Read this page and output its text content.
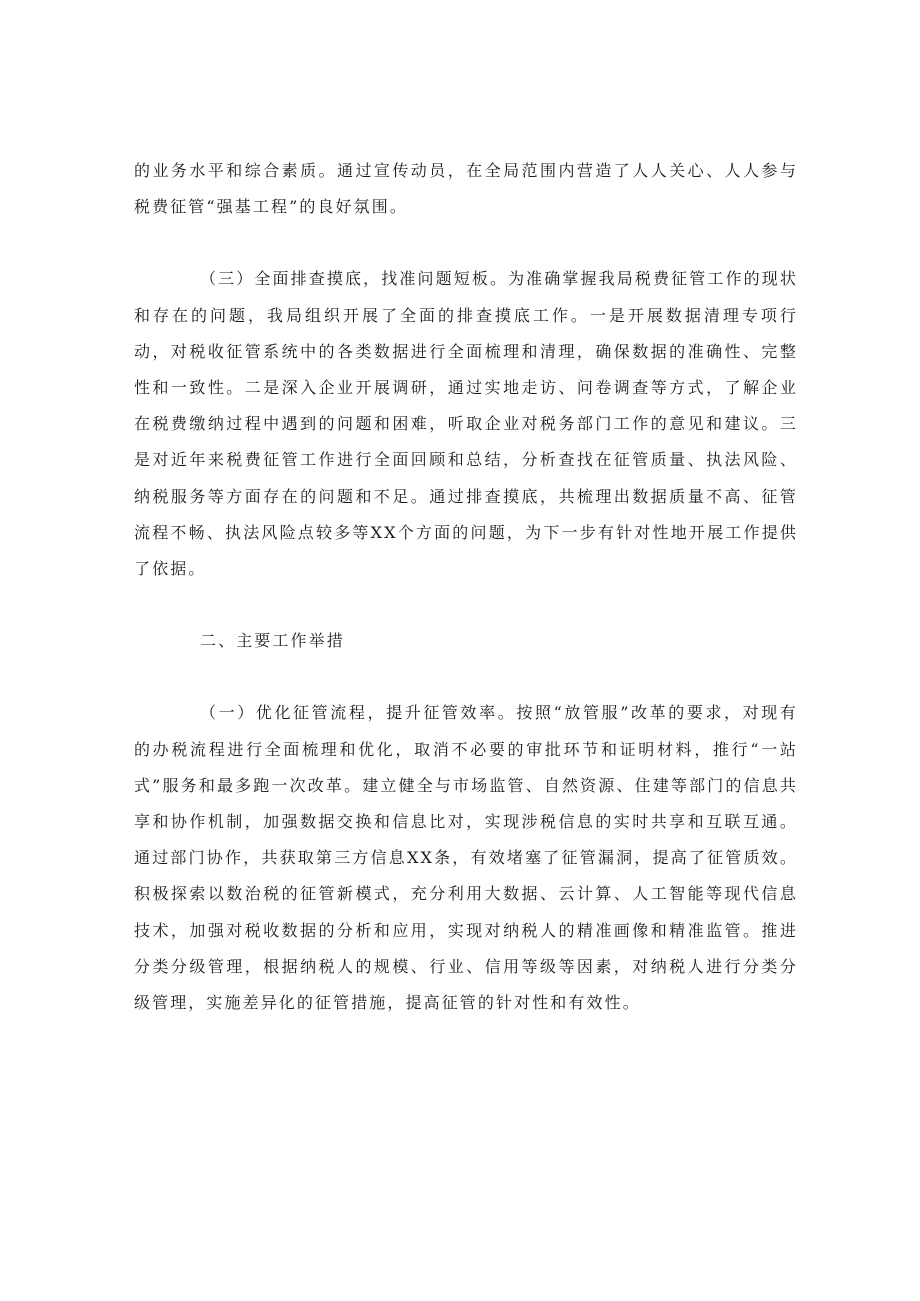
的业务水平和综合素质。通过宣传动员，在全局范围内营造了人人关心、人人参与税费征管“强基工程”的良好氛围。

（三）全面排查摸底，找准问题短板。为准确掌握我局税费征管工作的现状和存在的问题，我局组织开展了全面的排查摸底工作。一是开展数据清理专项行动，对税收征管系统中的各类数据进行全面梳理和清理，确保数据的准确性、完整性和一致性。二是深入企业开展调研，通过实地走访、问卷调查等方式，了解企业在税费缴纳过程中遇到的问题和困难，听取企业对税务部门工作的意见和建议。三是对近年来税费征管工作进行全面回顾和总结，分析查找在征管质量、执法风险、纳税服务等方面存在的问题和不足。通过排查摸底，共梳理出数据质量不高、征管流程不畅、执法风险点较多等XX个方面的问题，为下一步有针对性地开展工作提供了依据。

二、主要工作举措

（一）优化征管流程，提升征管效率。按照“放管服”改革的要求，对现有的办税流程进行全面梳理和优化，取消不必要的审批环节和证明材料，推行“一站式”服务和最多跑一次改革。建立健全与市场监管、自然资源、住建等部门的信息共享和协作机制，加强数据交换和信息比对，实现涉税信息的实时共享和互联互通。通过部门协作，共获取第三方信息XX条，有效堵塞了征管漏洞，提高了征管质效。积极探索以数治税的征管新模式，充分利用大数据、云计算、人工智能等现代信息技术，加强对税收数据的分析和应用，实现对纳税人的精准画像和精准监管。推进分类分级管理，根据纳税人的规模、行业、信用等级等因素，对纳税人进行分类分级管理，实施差异化的征管措施，提高征管的针对性和有效性。
